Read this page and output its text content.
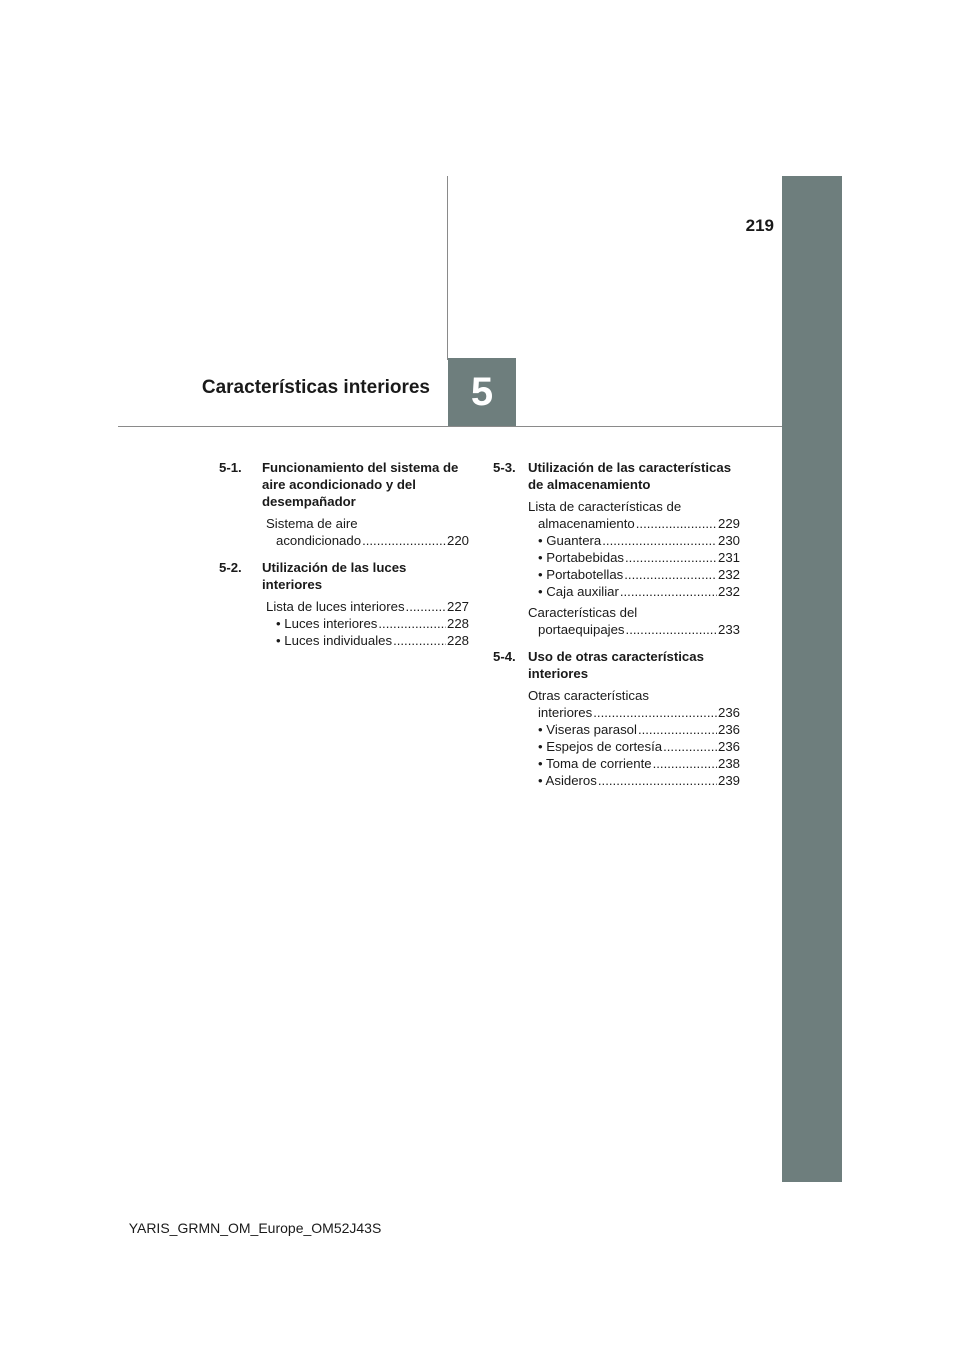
219
5
Características interiores
5-1. Funcionamiento del sistema de aire acondicionado y del desempañador
Sistema de aire
acondicionado .....	220
5-2. Utilización de las luces interiores
Lista de luces interiores .....	227
• Luces interiores .....	228
• Luces individuales .....	228
5-3. Utilización de las características de almacenamiento
Lista de características de
almacenamiento .....	229
• Guantera .....	230
• Portabebidas .....	231
• Portabotellas .....	232
• Caja auxiliar .....	232
Características del
portaequipajes .....	233
5-4. Uso de otras características interiores
Otras características
interiores .....	236
• Viseras parasol .....	236
• Espejos de cortesía .....	236
• Toma de corriente .....	238
• Asideros .....	239
YARIS_GRMN_OM_Europe_OM52J43S
